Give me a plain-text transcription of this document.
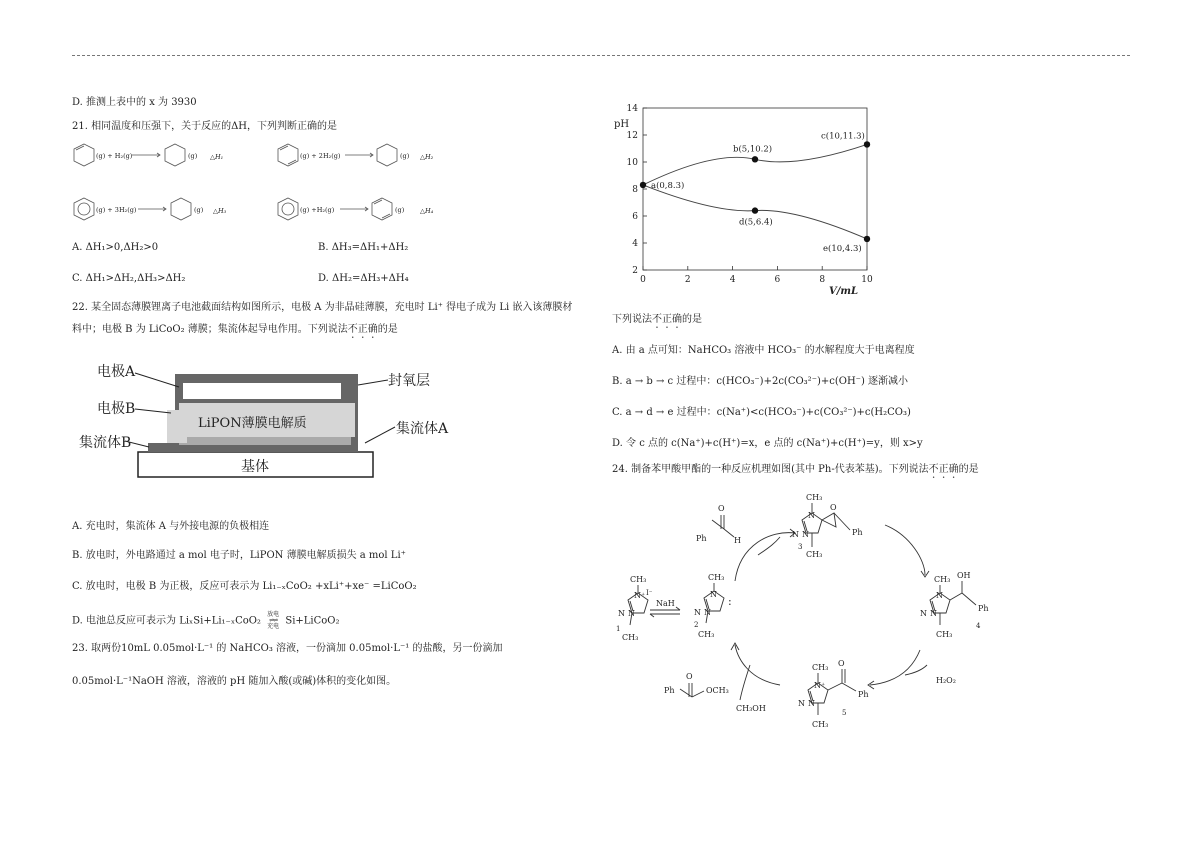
D. 推测上表中的 x 为 3930
21. 相同温度和压强下，关于反应的ΔH，下列判断正确的是
(g) + H₂(g)	(g) △H₁	(g) + 2H₂(g)	(g) △H₂
(g) + 3H₂(g)	(g) △H₃	(g) +H₂(g)	(g) △H₄
A. ΔH₁>0,ΔH₂>0	B. ΔH₃=ΔH₁+ΔH₂
C. ΔH₁>ΔH₂,ΔH₃>ΔH₂	D. ΔH₂=ΔH₃+ΔH₄
22. 某全固态薄膜锂离子电池截面结构如图所示，电极 A 为非晶硅薄膜，充电时 Li⁺ 得电子成为 Li 嵌入该薄膜材
料中；电极 B 为 LiCoO₂ 薄膜；集流体起导电作用。下列说法不正确的是
电极A
电极B
集流体B
封氧层
集流体A
基体
LiPON薄膜电解质
A. 充电时，集流体 A 与外接电源的负极相连
B. 放电时，外电路通过 a mol 电子时，LiPON 薄膜电解质损失 a mol Li⁺
C. 放电时，电极 B 为正极，反应可表示为 Li₁₋ₓCoO₂ +xLi⁺+xe⁻ =LiCoO₂
D. 电池总反应可表示为 LiₓSi+Li₁₋ₓCoO₂
放电
⇌⇌
充电 Si+LiCoO₂
23. 取两份10mL 0.05mol·L⁻¹ 的 NaHCO₃ 溶液，一份滴加 0.05mol·L⁻¹ 的盐酸，另一份滴加
0.05mol·L⁻¹NaOH 溶液，溶液的 pH 随加入酸(或碱)体积的变化如图。
2
4
6
8
10
12
14
0	2	4	6	8	10
pH
V/mL
a(0,8.3)
b(5,10.2)
c(10,11.3)
d(5,6.4)
e(10,4.3)
下列说法不正确的是
A. 由 a 点可知：NaHCO₃ 溶液中 HCO₃⁻ 的水解程度大于电离程度
B. a → b → c 过程中：c(HCO₃⁻)+2c(CO₃²⁻)+c(OH⁻) 逐渐减小
C. a → d → e 过程中：c(Na⁺)<c(HCO₃⁻)+c(CO₃²⁻)+c(H₂CO₃)
D. 令 c 点的 c(Na⁺)+c(H⁺)=x，e 点的 c(Na⁺)+c(H⁺)=y，则 x>y
24. 制备苯甲酸甲酯的一种反应机理如图(其中 Ph-代表苯基)。下列说法不正确的是
Ph
O
H
CH₃
N⁺ I⁻
N N
CH₃
1
NaH
CH₃
N
:
N N
CH₃
2
CH₃
N
N N
O
Ph
CH₃
3
CH₃
N
N N
CH₃
OH
Ph
4
H₂O₂
CH₃
N⁺
N N
CH₃
O
Ph
5
Ph
O
OCH₃
CH₃OH
